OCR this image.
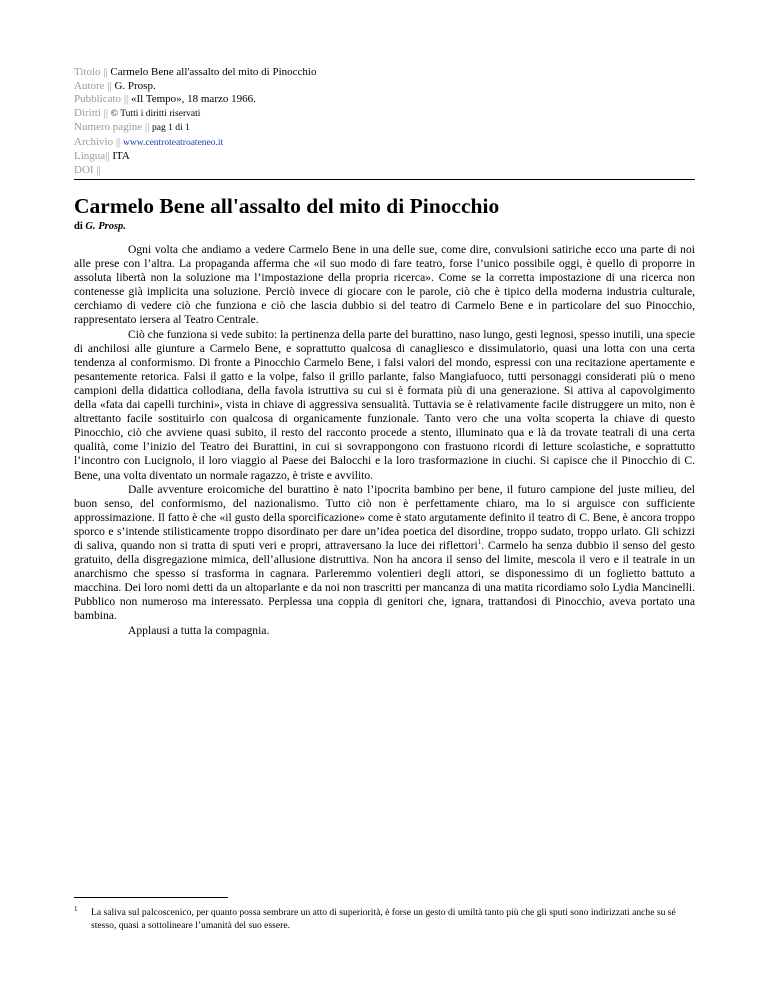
Titolo || Carmelo Bene all'assalto del mito di Pinocchio
Autore || G. Prosp.
Pubblicato || «Il Tempo», 18 marzo 1966.
Diritti || © Tutti i diritti riservati
Numero pagine || pag 1 di 1
Archivio || www.centroteatroateneo.it
Lingua|| ITA
DOI ||
Carmelo Bene all'assalto del mito di Pinocchio
di G. Prosp.

Ogni volta che andiamo a vedere Carmelo Bene in una delle sue, come dire, convulsioni satiriche ecco una parte di noi alle prese con l’altra. La propaganda afferma che «il suo modo di fare teatro, forse l’unico possibile oggi, è quello di proporre in assoluta libertà non la soluzione ma l’impostazione della propria ricerca». Come se la corretta impostazione di una ricerca non contenesse già implicita una soluzione. Perciò invece di giocare con le parole, ciò che è tipico della moderna industria culturale, cerchiamo di vedere ciò che funziona e ciò che lascia dubbio si del teatro di Carmelo Bene e in particolare del suo Pinocchio, rappresentato iersera al Teatro Centrale.

Ciò che funziona si vede subito: la pertinenza della parte del burattino, naso lungo, gesti legnosi, spesso inutili, una specie di anchilosi alle giunture a Carmelo Bene, e soprattutto qualcosa di canagliesco e dissimulatorio, quasi una lotta con una certa tendenza al conformismo. Di fronte a Pinocchio Carmelo Bene, i falsi valori del mondo, espressi con una recitazione apertamente e pesantemente retorica. Falsi il gatto e la volpe, falso il grillo parlante, falso Mangiafuoco, tutti personaggi considerati più o meno campioni della didattica collodiana, della favola istruttiva su cui si è formata più di una generazione. Si attiva al capovolgimento della «fata dai capelli turchini», vista in chiave di aggressiva sensualità. Tuttavia se è relativamente facile distruggere un mito, non è altrettanto facile sostituirlo con qualcosa di organicamente funzionale. Tanto vero che una volta scoperta la chiave di questo Pinocchio, ciò che avviene quasi subito, il resto del racconto procede a stento, illuminato qua e là da trovate teatrali di una certa qualità, come l’inizio del Teatro dei Burattini, in cui si sovrappongono con frastuono ricordi di letture scolastiche, e soprattutto l’incontro con Lucignolo, il loro viaggio al Paese dei Balocchi e la loro trasformazione in ciuchi. Si capisce che il Pinocchio di C. Bene, una volta diventato un normale ragazzo, è triste e avvilito.

Dalle avventure eroicomiche del burattino è nato l’ipocrita bambino per bene, il futuro campione del juste milieu, del buon senso, del conformismo, del nazionalismo. Tutto ciò non è perfettamente chiaro, ma lo si arguisce con sufficiente approssimazione. Il fatto è che «il gusto della sporcificazione» come è stato argutamente definito il teatro di C. Bene, è ancora troppo sporco e s’intende stilisticamente troppo disordinato per dare un’idea poetica del disordine, troppo sudato, troppo urlato. Gli schizzi di saliva, quando non si tratta di sputi veri e propri, attraversano la luce dei riflettori$^1$. Carmelo ha senza dubbio il senso del gesto gratuito, della disgregazione mimica, dell’allusione distruttiva. Non ha ancora il senso del limite, mescola il vero e il teatrale in un anarchismo che spesso si trasforma in cagnara. Parleremmo volentieri degli attori, se disponessimo di un foglietto battuto a macchina. Dei loro nomi detti da un altoparlante e da noi non trascritti per mancanza di una matita ricordiamo solo Lydia Mancinelli. Pubblico non numeroso ma interessato. Perplessa una coppia di genitori che, ignara, trattandosi di Pinocchio, aveva portato una bambina.

Applausi a tutta la compagnia.

1 La saliva sul palcoscenico, per quanto possa sembrare un atto di superiorità, è forse un gesto di umiltà tanto più che gli sputi sono indirizzati anche su sé stesso, quasi a sottolineare l’umanità del suo essere.
